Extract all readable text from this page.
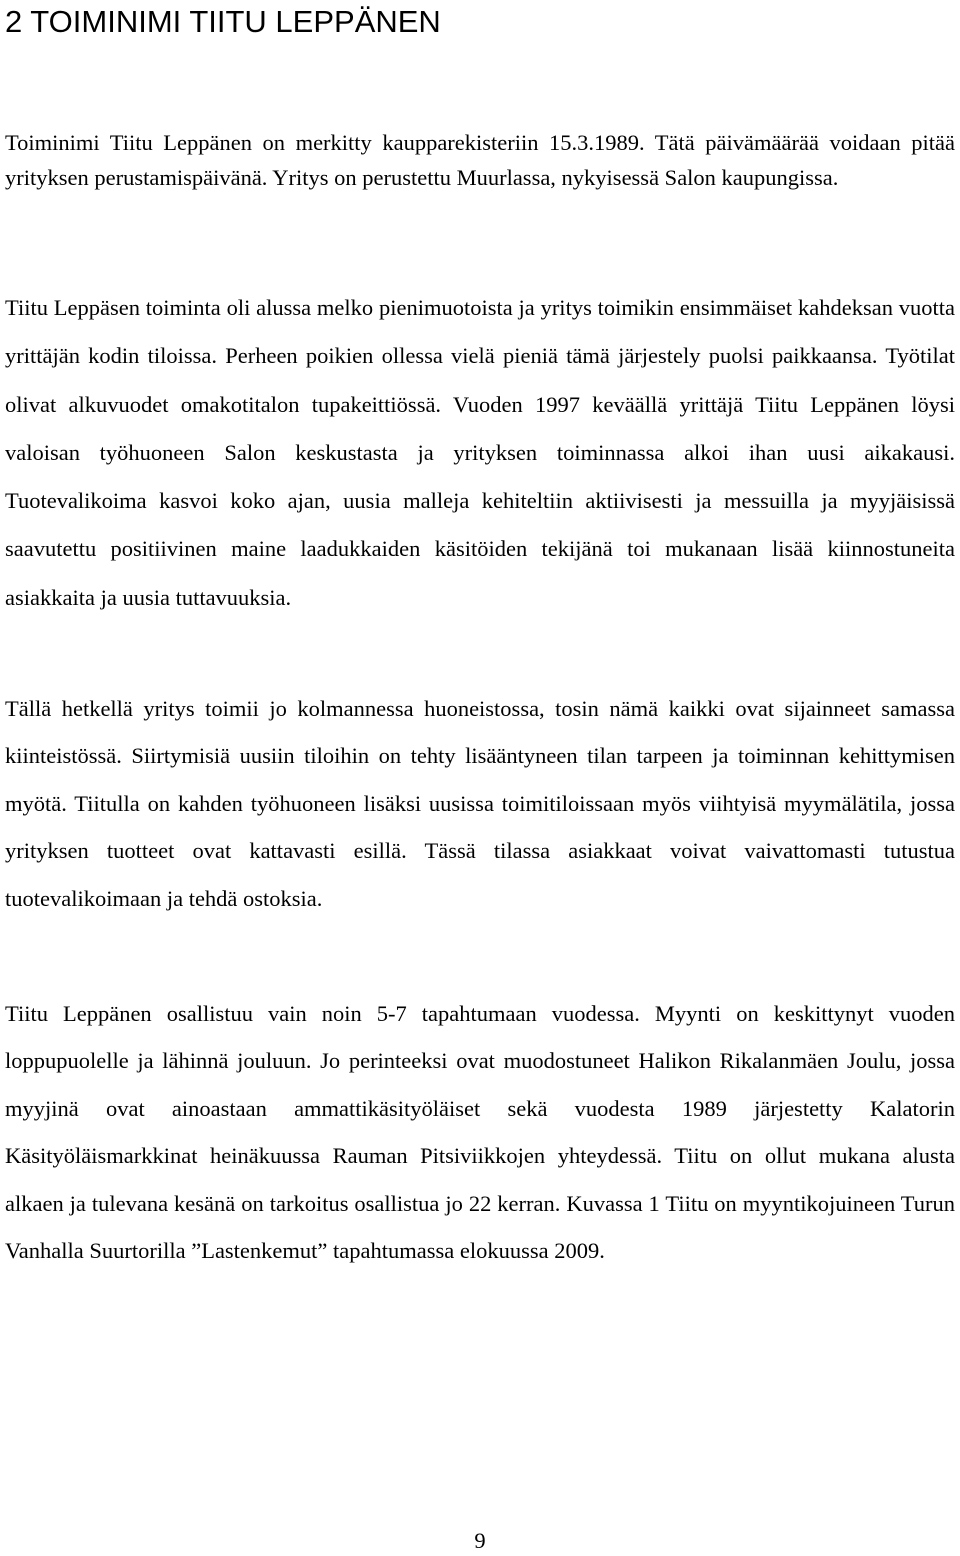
2 TOIMINIMI TIITU LEPPÄNEN

Toiminimi Tiitu Leppänen on merkitty kaupparekisteriin 15.3.1989. Tätä päivämäärää voidaan pitää yrityksen perustamispäivänä. Yritys on perustettu Muurlassa, nykyisessä Salon kaupungissa.

Tiitu Leppäsen toiminta oli alussa melko pienimuotoista ja yritys toimikin ensimmäiset kahdeksan vuotta yrittäjän kodin tiloissa. Perheen poikien ollessa vielä pieniä tämä järjestely puolsi paikkaansa. Työtilat olivat alkuvuodet omakotitalon tupakeittiössä. Vuoden 1997 keväällä yrittäjä Tiitu Leppänen löysi valoisan työhuoneen Salon keskustasta ja yrityksen toiminnassa alkoi ihan uusi aikakausi. Tuotevalikoima kasvoi koko ajan, uusia malleja kehiteltiin aktiivisesti ja messuilla ja myyjäisissä saavutettu positiivinen maine laadukkaiden käsitöiden tekijänä toi mukanaan lisää kiinnostuneita asiakkaita ja uusia tuttavuuksia.

Tällä hetkellä yritys toimii jo kolmannessa huoneistossa, tosin nämä kaikki ovat sijainneet samassa kiinteistössä. Siirtymisiä uusiin tiloihin on tehty lisääntyneen tilan tarpeen ja toiminnan kehittymisen myötä. Tiitulla on kahden työhuoneen lisäksi uusissa toimitiloissaan myös viihtyisä myymälätila, jossa yrityksen tuotteet ovat kattavasti esillä. Tässä tilassa asiakkaat voivat vaivattomasti tutustua tuotevalikoimaan ja tehdä ostoksia.

Tiitu Leppänen osallistuu vain noin 5-7 tapahtumaan vuodessa. Myynti on keskittynyt vuoden loppupuolelle ja lähinnä jouluun. Jo perinteeksi ovat muodostuneet Halikon Rikalanmäen Joulu, jossa myyjinä ovat ainoastaan ammattikäsityöläiset sekä vuodesta 1989 järjestetty Kalatorin Käsityöläismarkkinat heinäkuussa Rauman Pitsiviikkojen yhteydessä. Tiitu on ollut mukana alusta alkaen ja tulevana kesänä on tarkoitus osallistua jo 22 kerran. Kuvassa 1 Tiitu on myyntikojuineen Turun Vanhalla Suurtorilla ”Lastenkemut” tapahtumassa elokuussa 2009.

9
